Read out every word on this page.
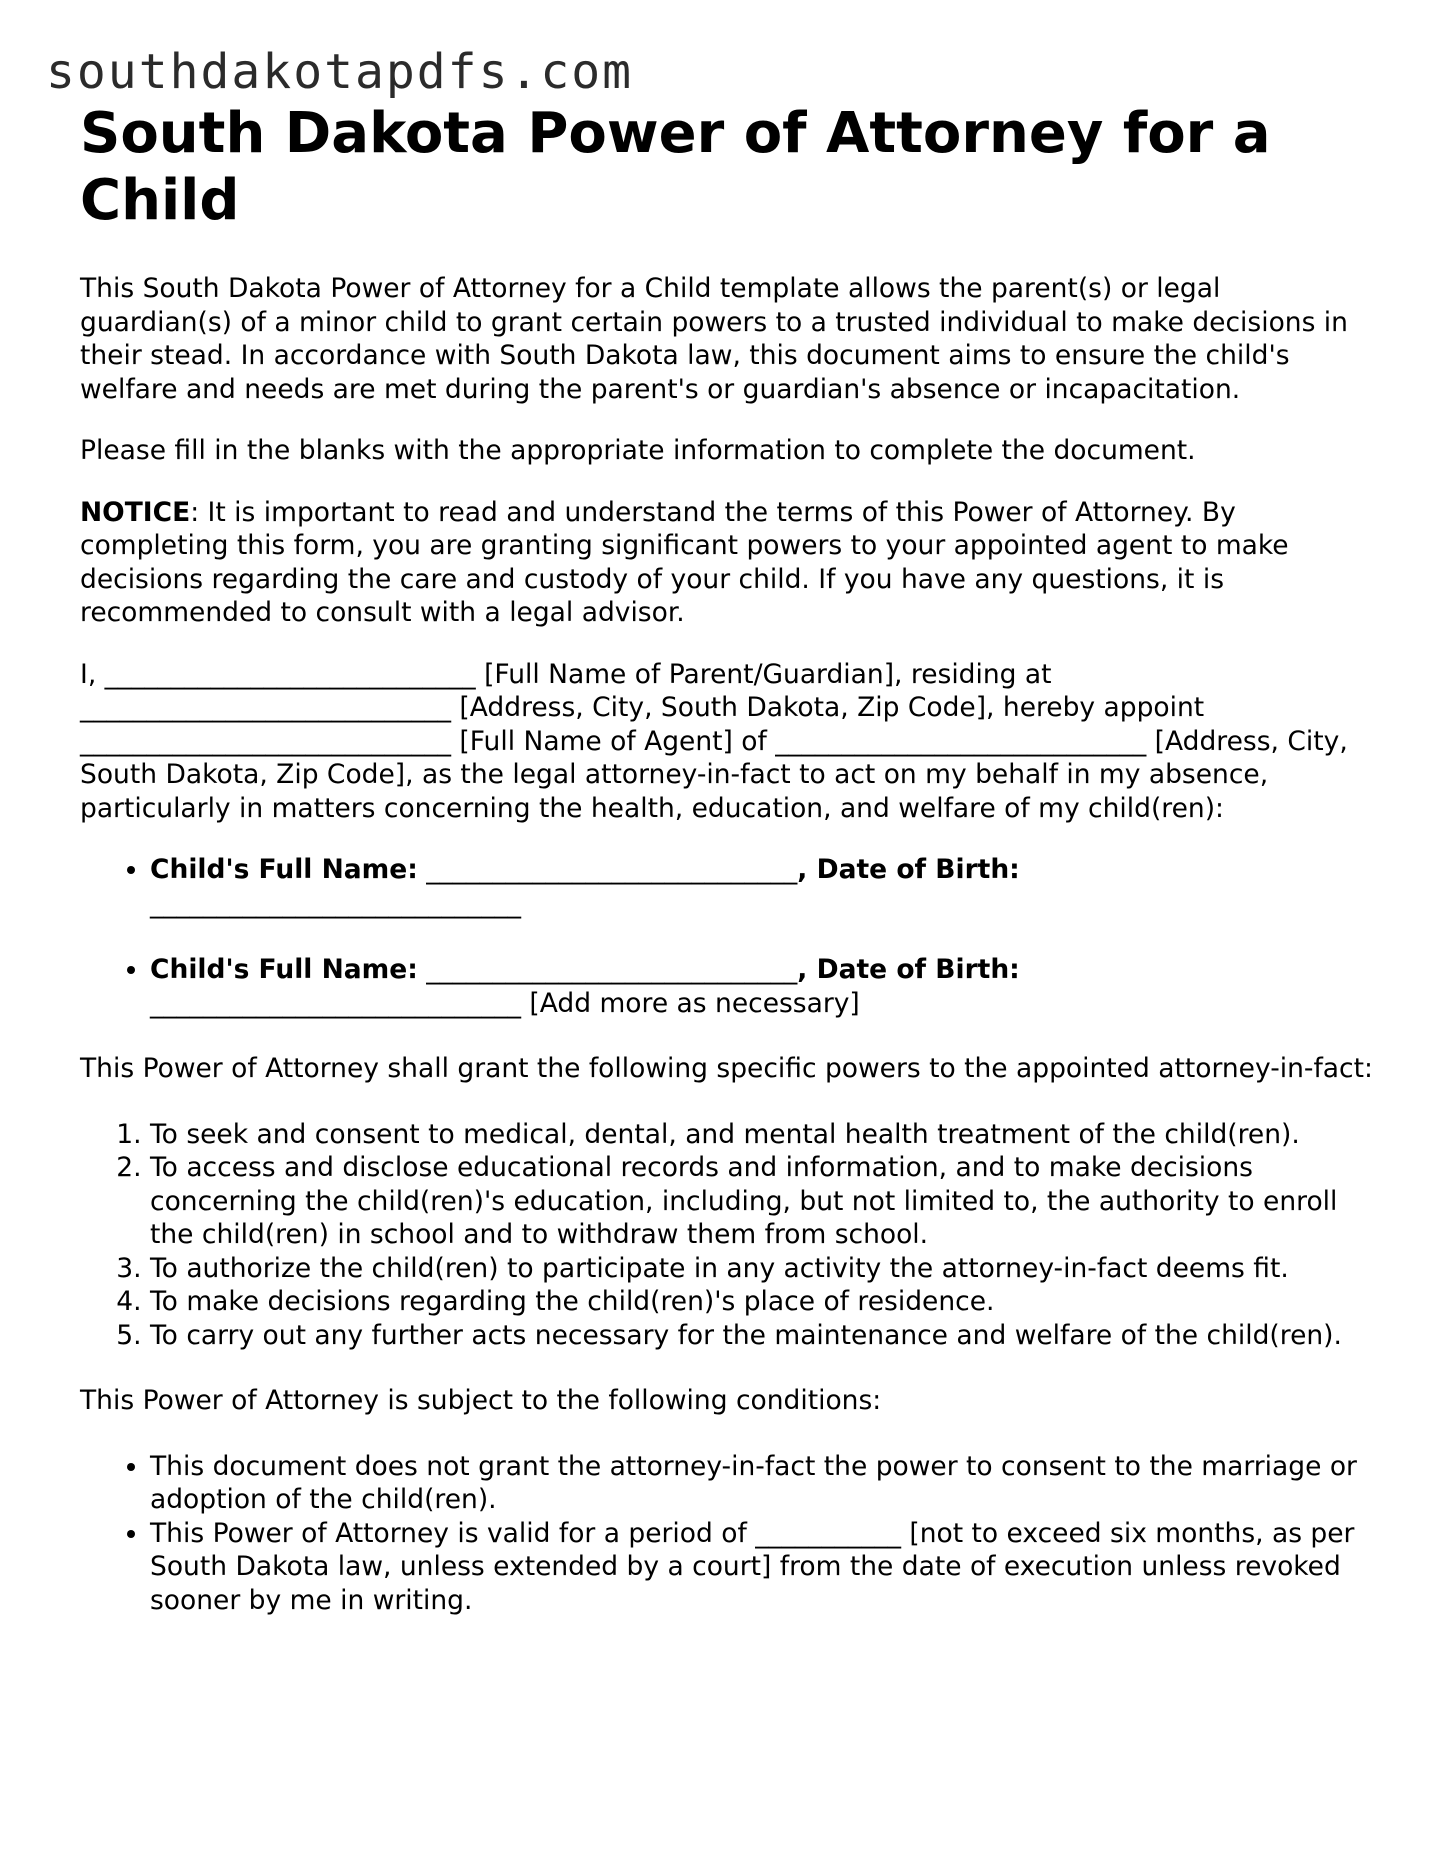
southdakotapdfs.com
South Dakota Power of Attorney for a Child

This South Dakota Power of Attorney for a Child template allows the parent(s) or legal guardian(s) of a minor child to grant certain powers to a trusted individual to make decisions in their stead. In accordance with South Dakota law, this document aims to ensure the child's welfare and needs are met during the parent's or guardian's absence or incapacitation.

Please fill in the blanks with the appropriate information to complete the document.

NOTICE: It is important to read and understand the terms of this Power of Attorney. By completing this form, you are granting significant powers to your appointed agent to make decisions regarding the care and custody of your child. If you have any questions, it is recommended to consult with a legal advisor.

I, ____________________________ [Full Name of Parent/Guardian], residing at ____________________________ [Address, City, South Dakota, Zip Code], hereby appoint ____________________________ [Full Name of Agent] of ____________________________ [Address, City, South Dakota, Zip Code], as the legal attorney-in-fact to act on my behalf in my absence, particularly in matters concerning the health, education, and welfare of my child(ren):

• Child's Full Name: ____________________________, Date of Birth: ____________________________
• Child's Full Name: ____________________________, Date of Birth: ____________________________ [Add more as necessary]

This Power of Attorney shall grant the following specific powers to the appointed attorney-in-fact:

1. To seek and consent to medical, dental, and mental health treatment of the child(ren).
2. To access and disclose educational records and information, and to make decisions concerning the child(ren)'s education, including, but not limited to, the authority to enroll the child(ren) in school and to withdraw them from school.
3. To authorize the child(ren) to participate in any activity the attorney-in-fact deems fit.
4. To make decisions regarding the child(ren)'s place of residence.
5. To carry out any further acts necessary for the maintenance and welfare of the child(ren).

This Power of Attorney is subject to the following conditions:

• This document does not grant the attorney-in-fact the power to consent to the marriage or adoption of the child(ren).
• This Power of Attorney is valid for a period of ___________ [not to exceed six months, as per South Dakota law, unless extended by a court] from the date of execution unless revoked sooner by me in writing.
